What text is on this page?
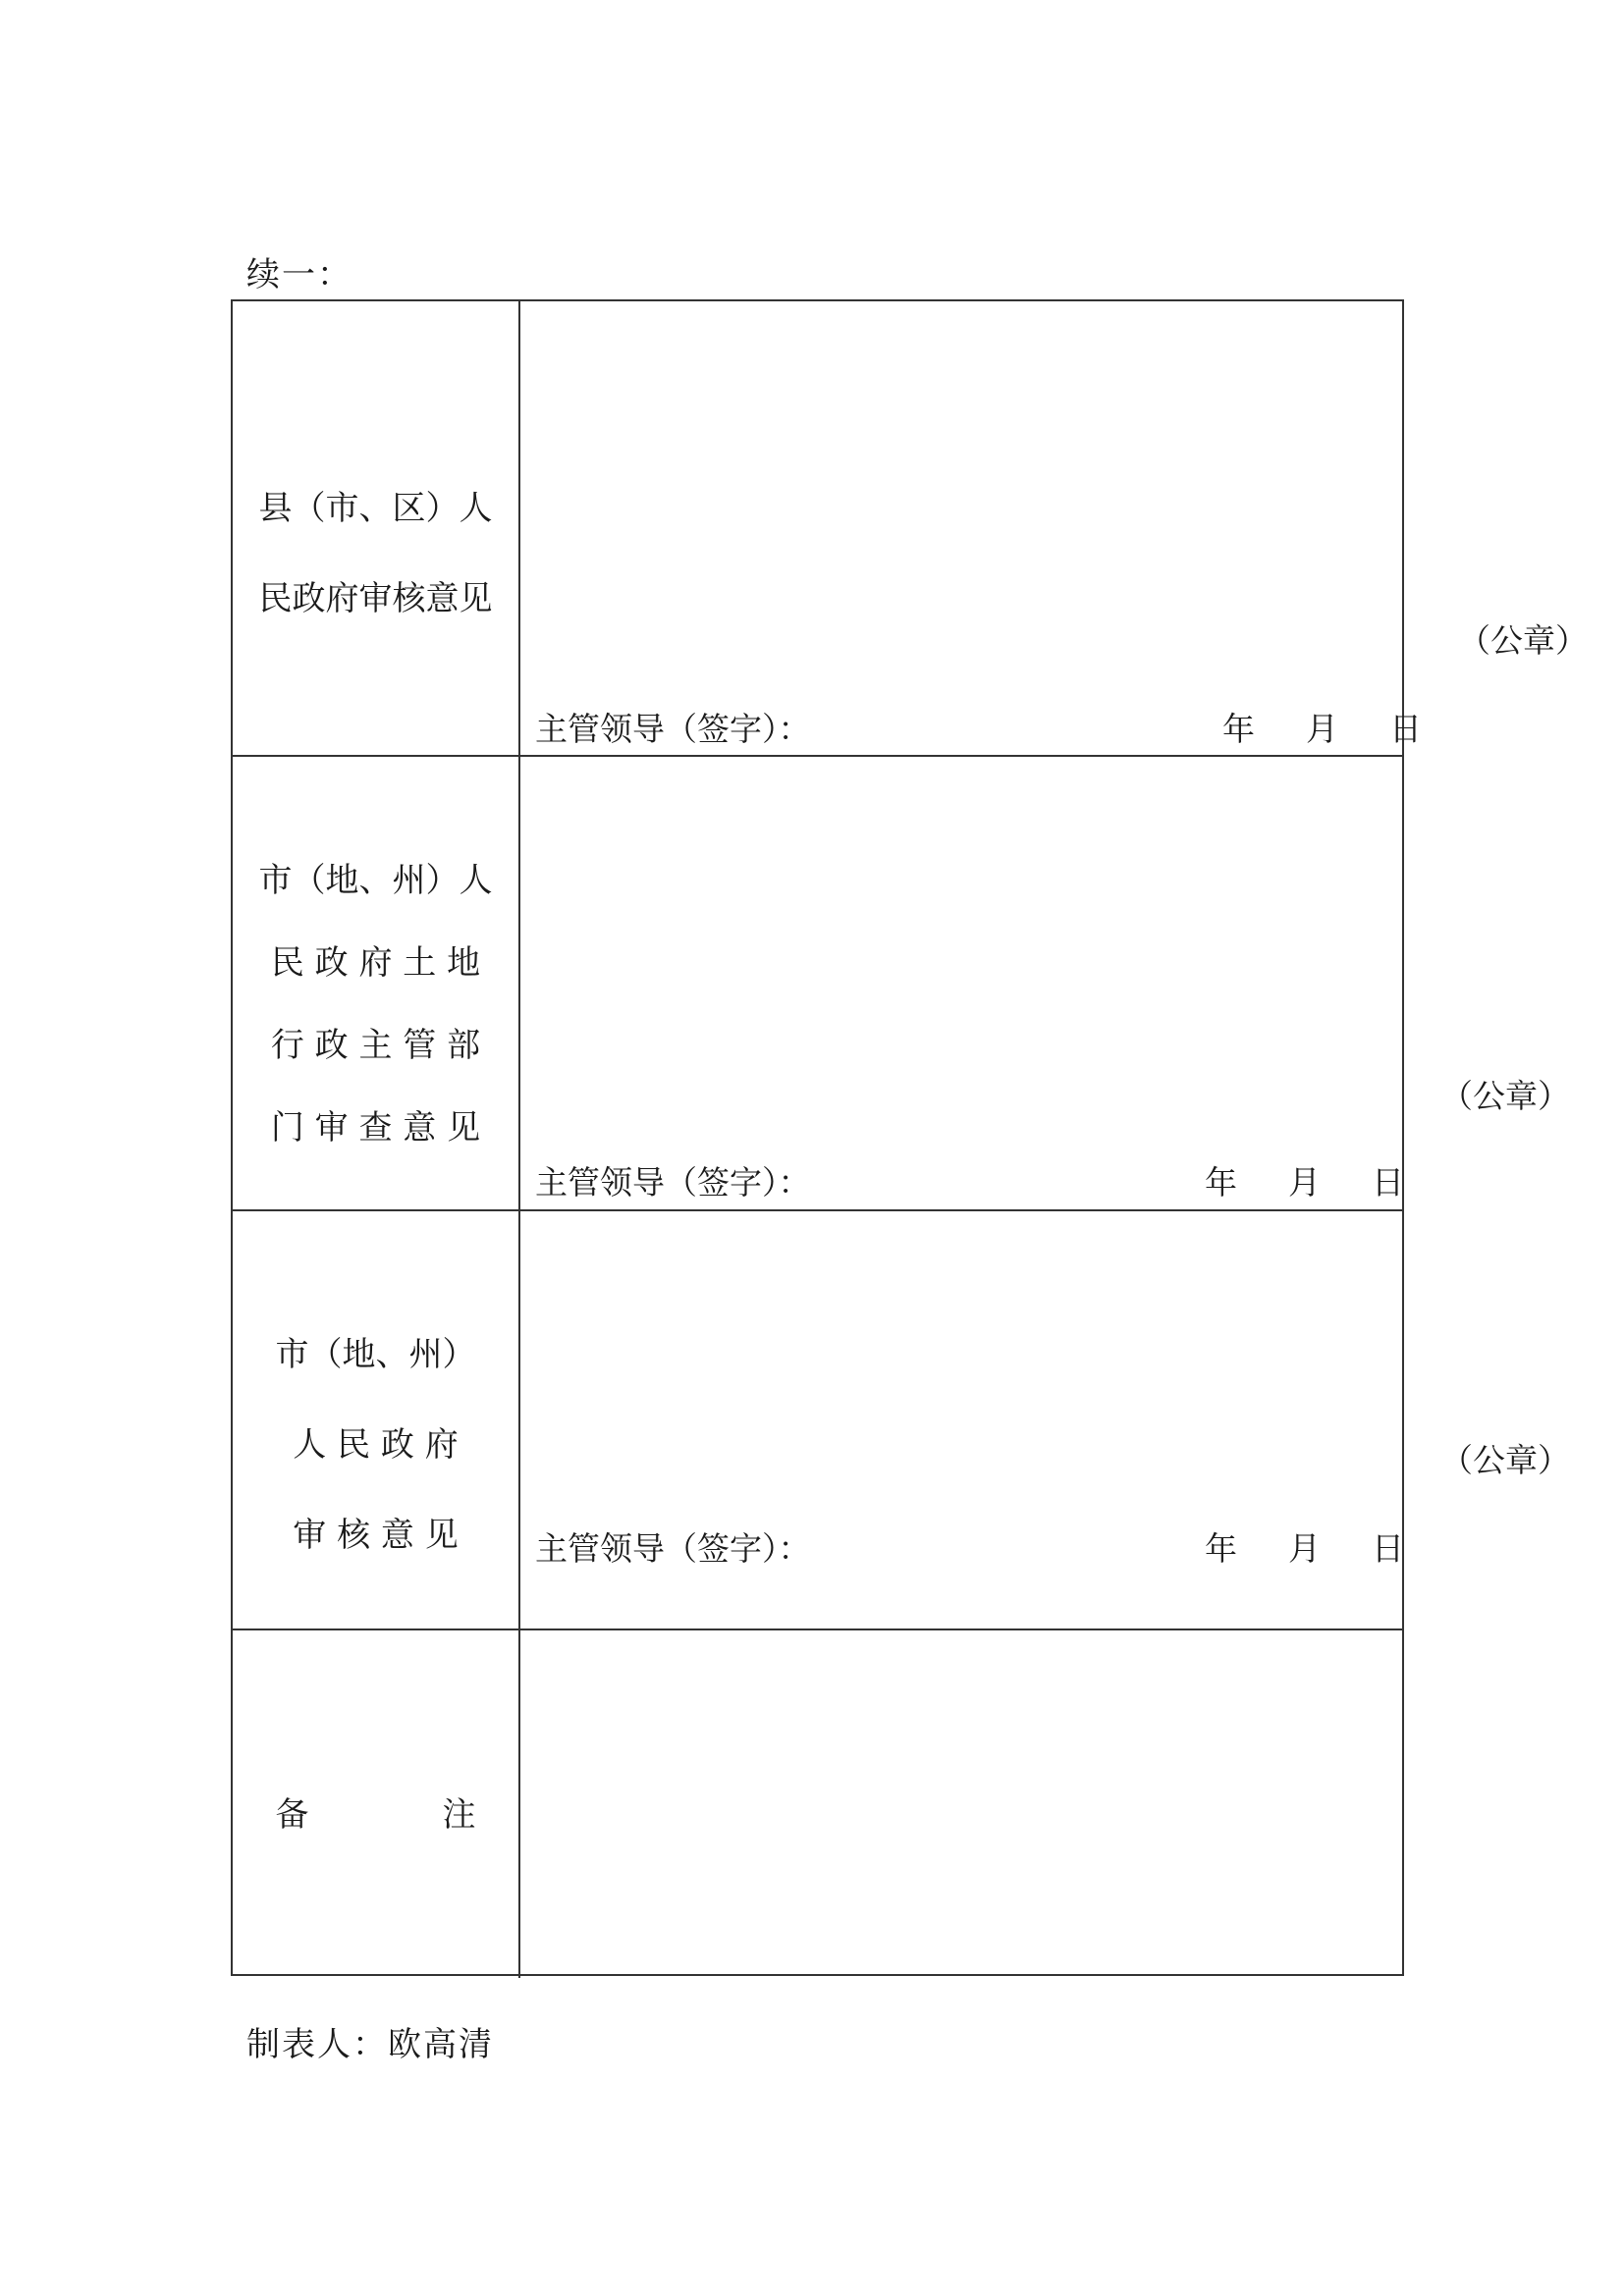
续一：
县（市、区）人
民政府审核意见
（公章）
主管领导（签字）：	年 月 日
市（地、州）人
民 政 府 土 地
行 政 主 管 部
门 审 查 意 见
（公章）
主管领导（签字）：	年 月 日
市（地、州）
人 民 政 府
审 核 意 见
（公章）
主管领导（签字）：	年 月 日
备　　　　注
制表人：欧高清
